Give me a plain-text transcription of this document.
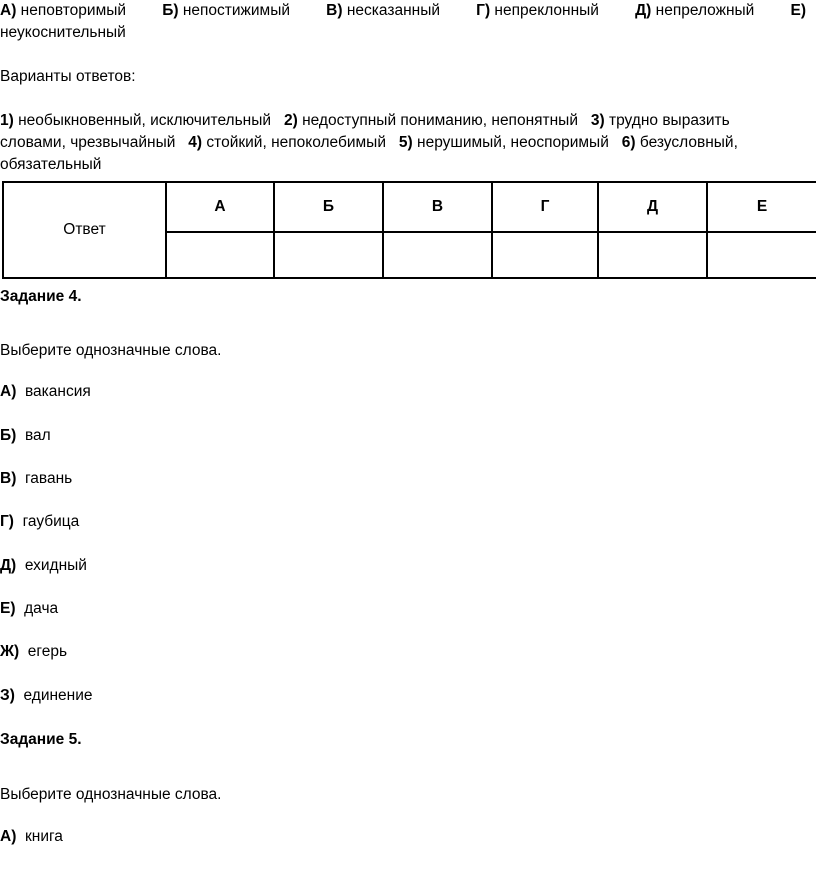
А) неповторимый Б) непостижимый В) несказанный Г) непреклонный Д) непреложный Е)
неукоснительный
Варианты ответов:
1) необыкновенный, исключительный 2) недоступный пониманию, непонятный 3) трудно выразить
словами, чрезвычайный 4) стойкий, непоколебимый 5) нерушимый, неоспоримый 6) безусловный,
обязательный
Ответ	А	Б	В	Г	Д	Е

Задание 4.
Выберите однозначные слова.
А) вакансия
Б) вал
В) гавань
Г) гаубица
Д) ехидный
Е) дача
Ж) егерь
З) единение
Задание 5.
Выберите однозначные слова.
А) книга
